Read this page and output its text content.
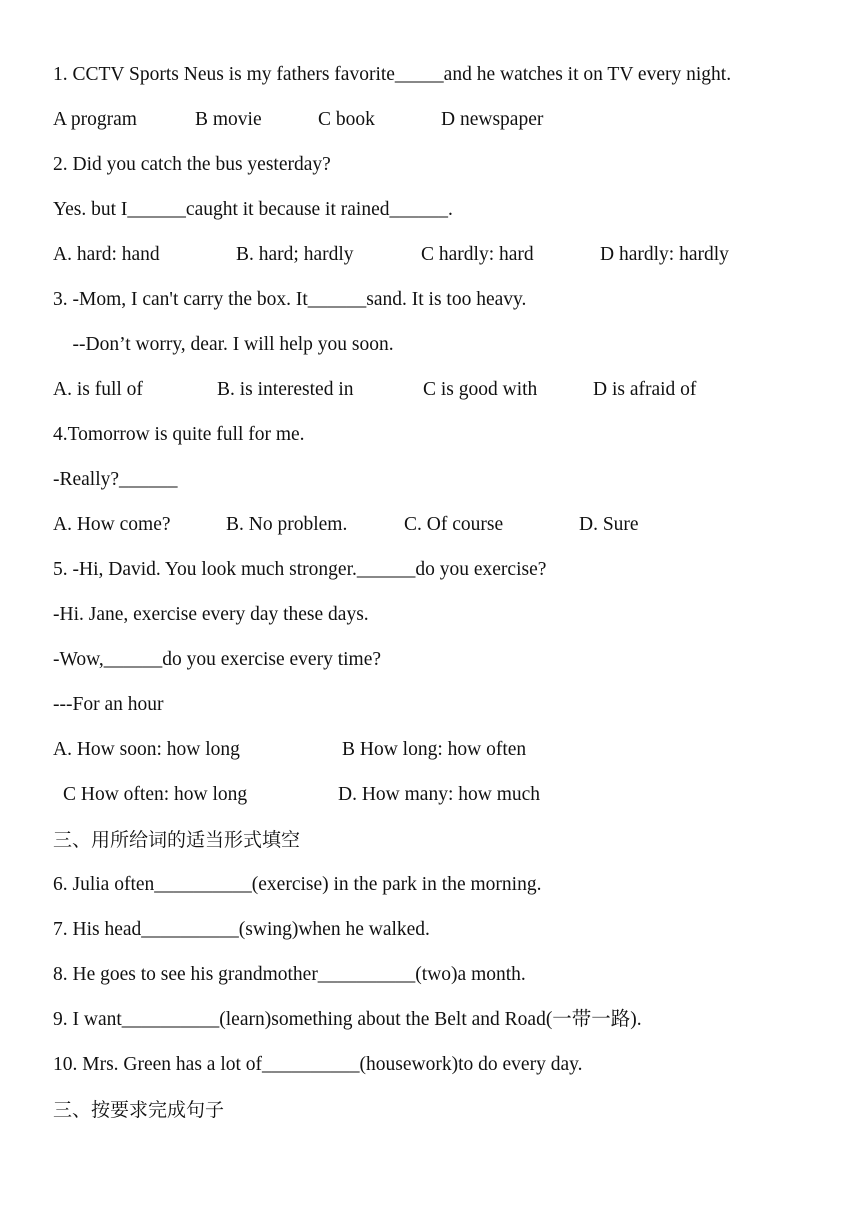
1. CCTV Sports Neus is my fathers favorite_____and he watches it on TV every night.
A program	B movie	C book	D newspaper
2. Did you catch the bus yesterday?
Yes. but I______caught it because it rained______.
A. hard: hand	B. hard; hardly	C hardly: hard	D hardly: hardly
3. -Mom, I can't carry the box. It______sand. It is too heavy.
--Don’t worry, dear. I will help you soon.
A. is full of	B. is interested in	C is good with	D is afraid of
4.Tomorrow is quite full for me.
-Really?______
A. How come?	B. No problem.	C. Of course	D. Sure
5. -Hi, David. You look much stronger.______do you exercise?
-Hi. Jane, exercise every day these days.
-Wow,______do you exercise every time?
---For an hour
A. How soon: how long	B How long: how often
C How often: how long	D. How many: how much
三、用所给词的适当形式填空
6. Julia often__________(exercise) in the park in the morning.
7. His head__________(swing)when he walked.
8. He goes to see his grandmother__________(two)a month.
9. I want__________(learn)something about the Belt and Road(一带一路).
10. Mrs. Green has a lot of__________(housework)to do every day.
三、按要求完成句子
